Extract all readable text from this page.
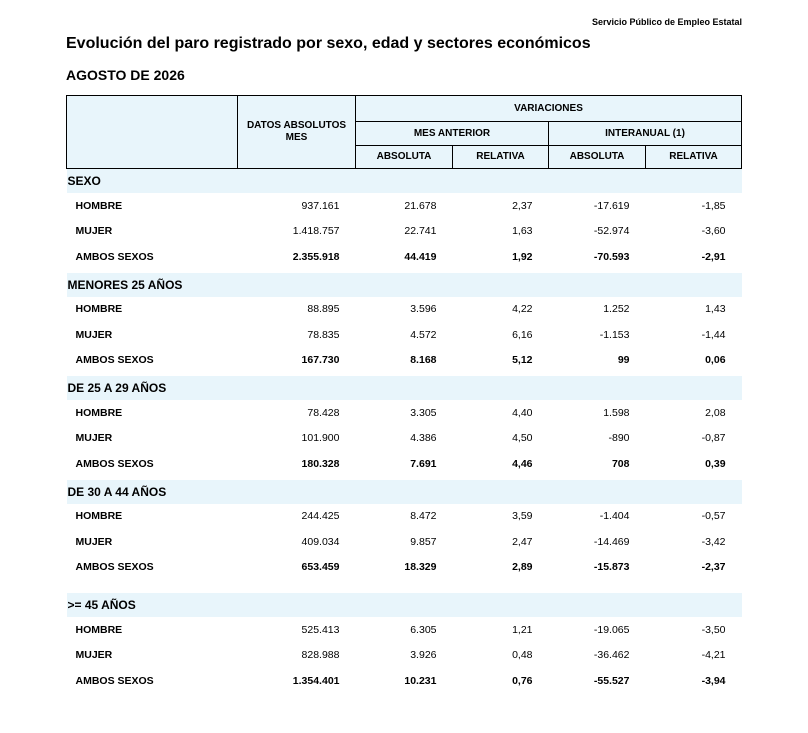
Servicio Público de Empleo Estatal
Evolución del paro registrado por sexo, edad y sectores económicos
AGOSTO DE 2026
	DATOS ABSOLUTOS MES	VARIACIONES			
		MES ANTERIOR		INTERANUAL (1)	
		ABSOLUTA	RELATIVA	ABSOLUTA	RELATIVA
SEXO					
HOMBRE	937.161	21.678	2,37	-17.619	-1,85
MUJER	1.418.757	22.741	1,63	-52.974	-3,60
AMBOS SEXOS	2.355.918	44.419	1,92	-70.593	-2,91

MENORES 25 AÑOS					
HOMBRE	88.895	3.596	4,22	1.252	1,43
MUJER	78.835	4.572	6,16	-1.153	-1,44
AMBOS SEXOS	167.730	8.168	5,12	99	0,06

DE 25 A 29 AÑOS					
HOMBRE	78.428	3.305	4,40	1.598	2,08
MUJER	101.900	4.386	4,50	-890	-0,87
AMBOS SEXOS	180.328	7.691	4,46	708	0,39

DE 30 A 44 AÑOS					
HOMBRE	244.425	8.472	3,59	-1.404	-0,57
MUJER	409.034	9.857	2,47	-14.469	-3,42
AMBOS SEXOS	653.459	18.329	2,89	-15.873	-2,37

>= 45 AÑOS					
HOMBRE	525.413	6.305	1,21	-19.065	-3,50
MUJER	828.988	3.926	0,48	-36.462	-4,21
AMBOS SEXOS	1.354.401	10.231	0,76	-55.527	-3,94
